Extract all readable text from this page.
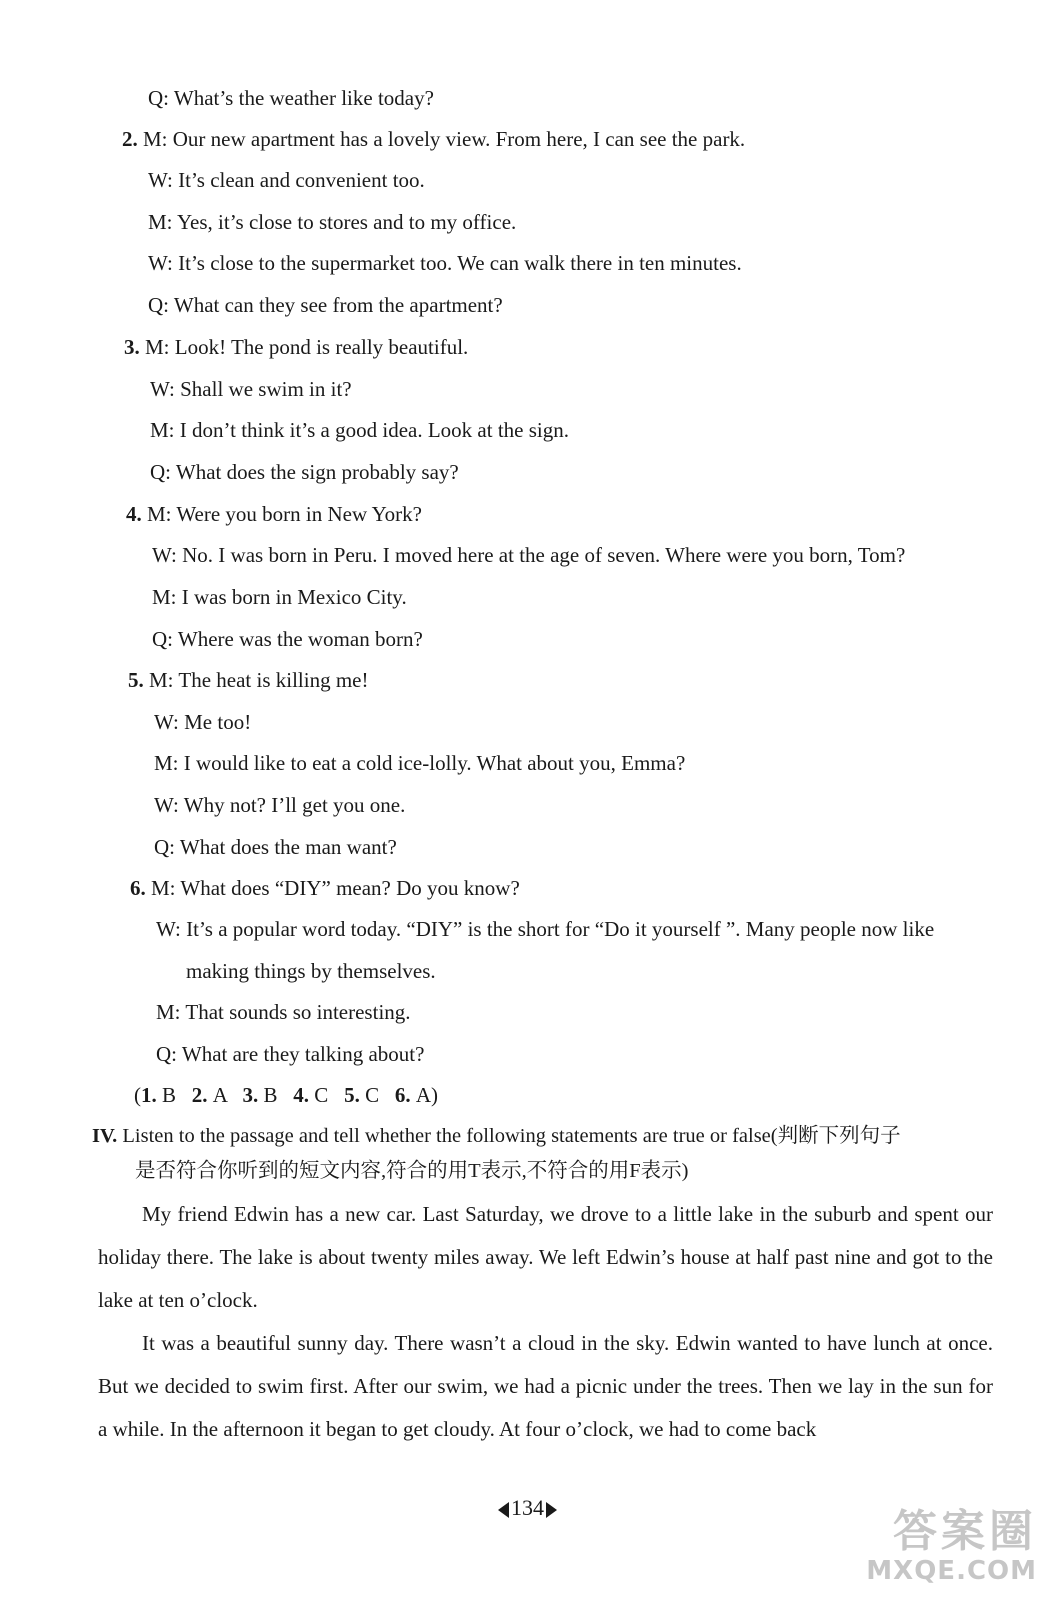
Q: What’s the weather like today?
2. M: Our new apartment has a lovely view. From here, I can see the park.
W: It’s clean and convenient too.
M: Yes, it’s close to stores and to my office.
W: It’s close to the supermarket too. We can walk there in ten minutes.
Q: What can they see from the apartment?
3. M: Look! The pond is really beautiful.
W: Shall we swim in it?
M: I don’t think it’s a good idea. Look at the sign.
Q: What does the sign probably say?
4. M: Were you born in New York?
W: No. I was born in Peru. I moved here at the age of seven. Where were you born, Tom?
M: I was born in Mexico City.
Q: Where was the woman born?
5. M: The heat is killing me!
W: Me too!
M: I would like to eat a cold ice-lolly. What about you, Emma?
W: Why not? I’ll get you one.
Q: What does the man want?
6. M: What does “DIY” mean? Do you know?
W: It’s a popular word today. “DIY” is the short for “Do it yourself ”. Many people now like
making things by themselves.
M: That sounds so interesting.
Q: What are they talking about?
(1. B 2. A 3. B 4. C 5. C 6. A)
IV. Listen to the passage and tell whether the following statements are true or false(判断下列句子
是否符合你听到的短文内容,符合的用T表示,不符合的用F表示)
My friend Edwin has a new car. Last Saturday, we drove to a little lake in the suburb and spent our holiday there. The lake is about twenty miles away. We left Edwin’s house at half past nine and got to the lake at ten o’clock.
It was a beautiful sunny day. There wasn’t a cloud in the sky. Edwin wanted to have lunch at once. But we decided to swim first. After our swim, we had a picnic under the trees. Then we lay in the sun for a while. In the afternoon it began to get cloudy. At four o’clock, we had to come back
134	答案圈
MXQE.COM
